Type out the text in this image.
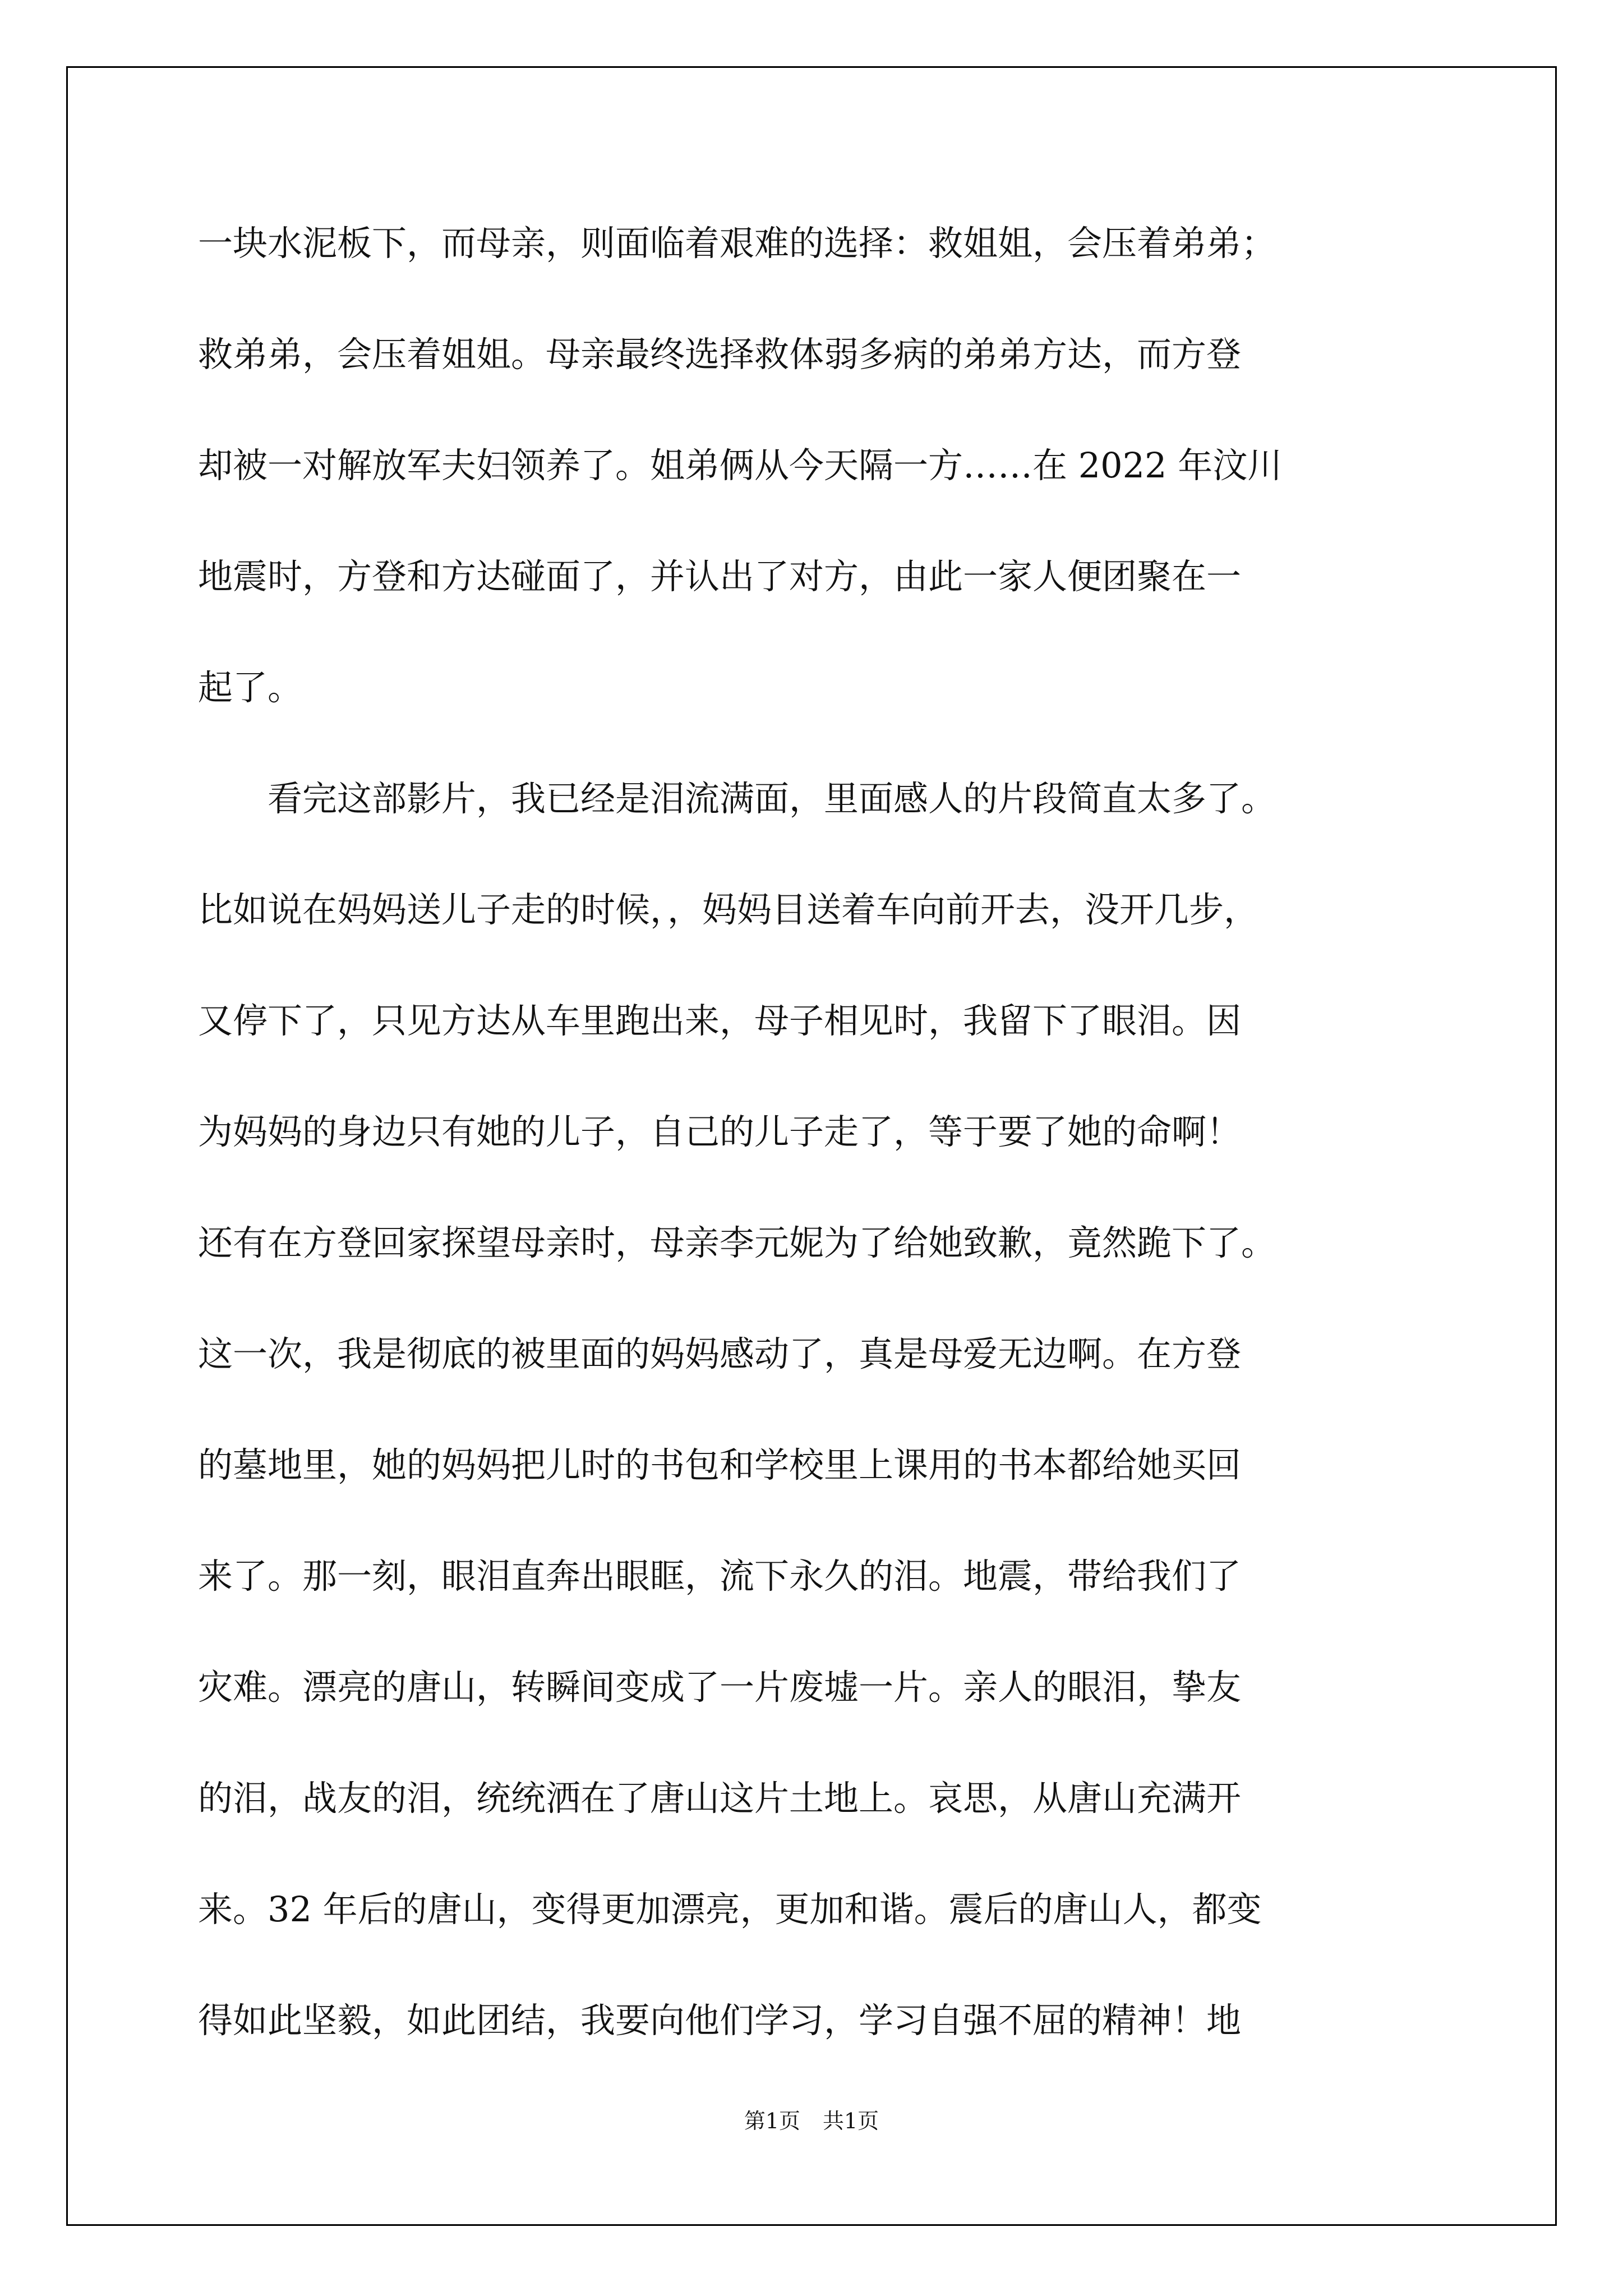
一块水泥板下，而母亲，则面临着艰难的选择：救姐姐，会压着弟弟；
救弟弟，会压着姐姐。母亲最终选择救体弱多病的弟弟方达，而方登
却被一对解放军夫妇领养了。姐弟俩从今天隔一方……在 2022 年汶川
地震时，方登和方达碰面了，并认出了对方，由此一家人便团聚在一
起了。
看完这部影片，我已经是泪流满面，里面感人的片段简直太多了。
比如说在妈妈送儿子走的时候，，妈妈目送着车向前开去，没开几步，
又停下了，只见方达从车里跑出来，母子相见时，我留下了眼泪。因
为妈妈的身边只有她的儿子，自己的儿子走了，等于要了她的命啊！
还有在方登回家探望母亲时，母亲李元妮为了给她致歉，竟然跪下了。
这一次，我是彻底的被里面的妈妈感动了，真是母爱无边啊。在方登
的墓地里，她的妈妈把儿时的书包和学校里上课用的书本都给她买回
来了。那一刻，眼泪直奔出眼眶，流下永久的泪。地震，带给我们了
灾难。漂亮的唐山，转瞬间变成了一片废墟一片。亲人的眼泪，挚友
的泪，战友的泪，统统洒在了唐山这片土地上。哀思，从唐山充满开
来。32 年后的唐山，变得更加漂亮，更加和谐。震后的唐山人，都变
得如此坚毅，如此团结，我要向他们学习，学习自强不屈的精神！地
第1页 共1页
